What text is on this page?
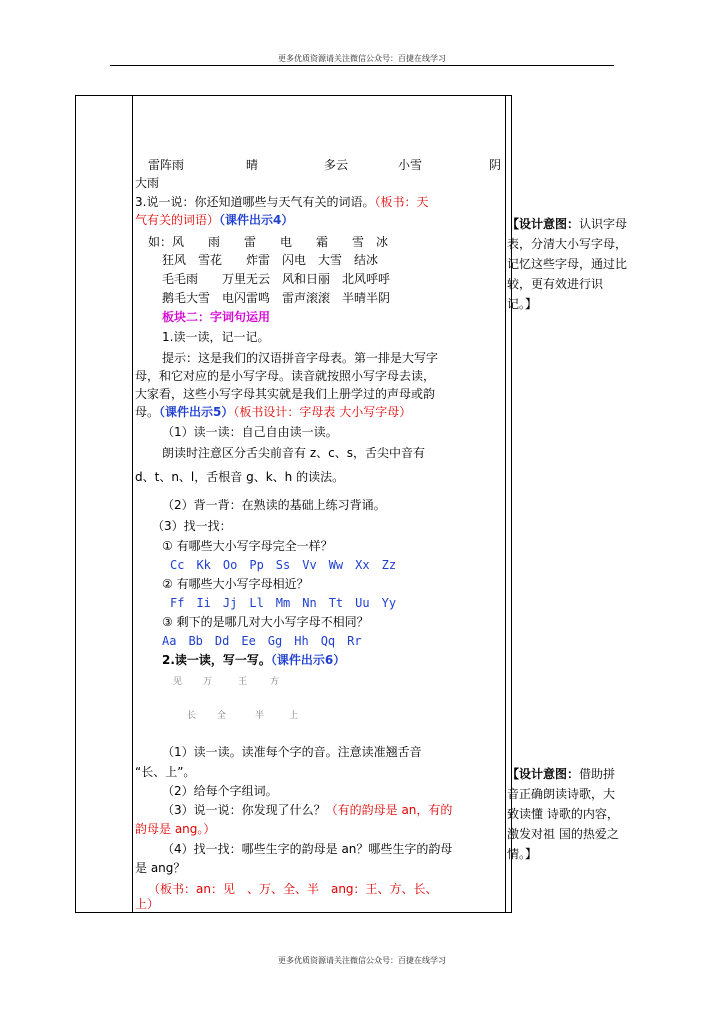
更多优质资源请关注微信公众号：百捷在线学习
雷阵雨	晴	多云	小雪	阴
大雨
3.说一说：你还知道哪些与天气有关的词语。（板书：天
气有关的词语）（课件出示4）
如：风　　雨　　雷　　电　　霜　　雪　冰
狂风　雪花　　炸雷　闪电　大雪　结冰
毛毛雨　　万里无云　风和日丽　北风呼呼
鹅毛大雪　电闪雷鸣　雷声滚滚　半晴半阴
板块二：字词句运用
1.读一读，记一记。
提示：这是我们的汉语拼音字母表。第一排是大写字
母，和它对应的是小写字母。读音就按照小写字母去读，
大家看，这些小写字母其实就是我们上册学过的声母或韵
母。（课件出示5）（板书设计：字母表 大小写字母）
（1）读一读：自己自由读一读。
朗读时注意区分舌尖前音有 z、c、s，舌尖中音有
d、t、n、l，舌根音 g、k、h 的读法。
（2）背一背：在熟读的基础上练习背诵。
（3）找一找：
① 有哪些大小写字母完全一样？
Cc　Kk　Oo　Pp　Ss　Vv　Ww　Xx　Zz
② 有哪些大小写字母相近？
Ff　Ii　Jj　Ll　Mm　Nn　Tt　Uu　Yy
③ 剩下的是哪几对大小写字母不相同？
Aa　Bb　Dd　Ee　Gg　Hh　Qq　Rr
2.读一读，写一写。（课件出示6）
见 万	王	方
长 全	半	上
（1）读一读。读准每个字的音。注意读准翘舌音
“长、上”。
（2）给每个字组词。
（3）说一说：你发现了什么？（有的韵母是 an，有的
韵母是 ang。）
（4）找一找：哪些生字的韵母是 an？哪些生字的韵母
是 ang？
（板书：an：见　、万、全、半　ang：王、方、长、
上）
【设计意图：认识字母
表，分清大小写字母，
记忆这些字母，通过比
较，更有效进行识
记。】
【设计意图：借助拼
音正确朗读诗歌，大
致读懂 诗歌的内容，
激发对祖 国的热爱之
情。】
更多优质资源请关注微信公众号：百捷在线学习
